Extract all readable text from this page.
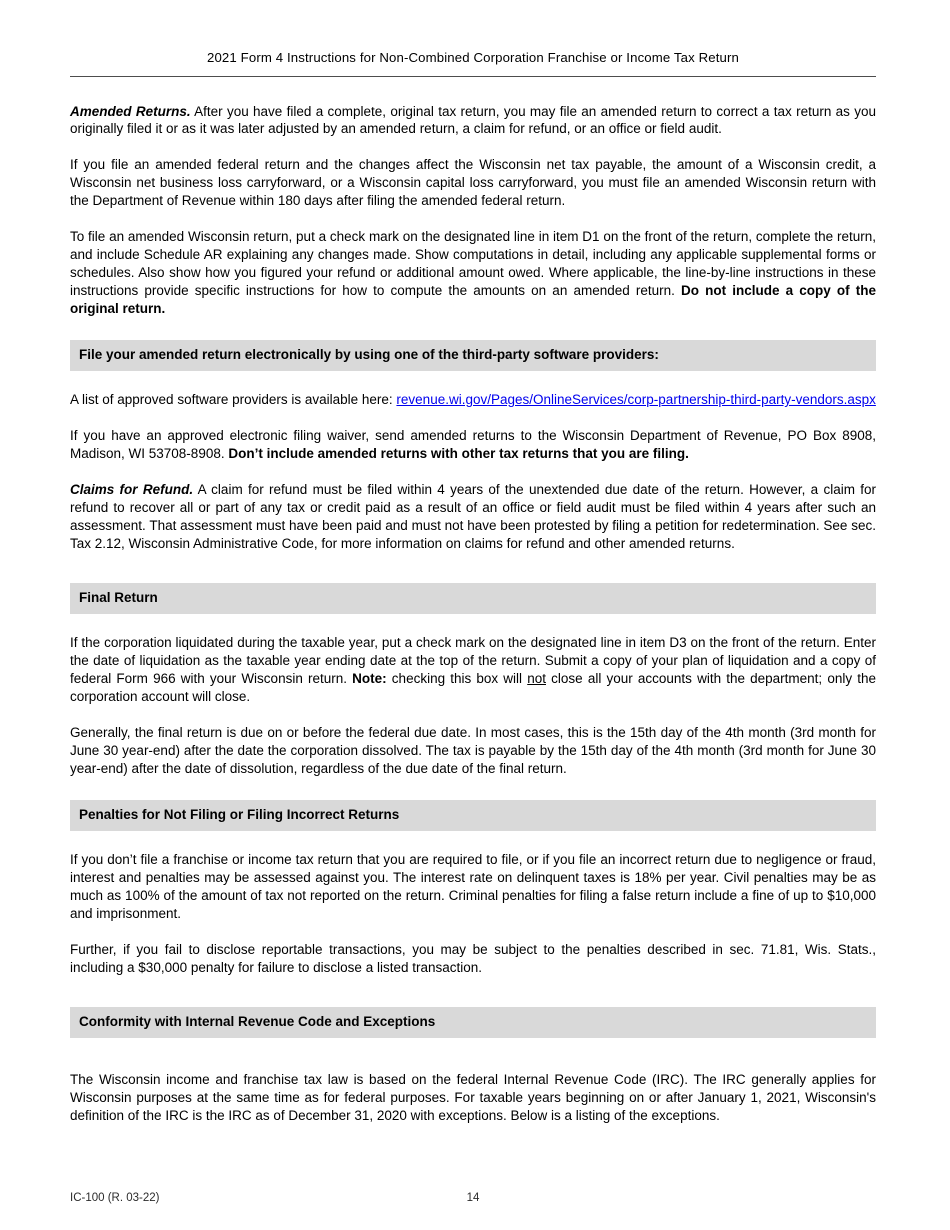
2021 Form 4 Instructions for Non-Combined Corporation Franchise or Income Tax Return

Amended Returns. After you have filed a complete, original tax return, you may file an amended return to correct a tax return as you originally filed it or as it was later adjusted by an amended return, a claim for refund, or an office or field audit.

If you file an amended federal return and the changes affect the Wisconsin net tax payable, the amount of a Wisconsin credit, a Wisconsin net business loss carryforward, or a Wisconsin capital loss carryforward, you must file an amended Wisconsin return with the Department of Revenue within 180 days after filing the amended federal return.

To file an amended Wisconsin return, put a check mark on the designated line in item D1 on the front of the return, complete the return, and include Schedule AR explaining any changes made. Show computations in detail, including any applicable supplemental forms or schedules. Also show how you figured your refund or additional amount owed. Where applicable, the line-by-line instructions in these instructions provide specific instructions for how to compute the amounts on an amended return. Do not include a copy of the original return.

File your amended return electronically by using one of the third-party software providers:

A list of approved software providers is available here: revenue.wi.gov/Pages/OnlineServices/corp-partnership-third-party-vendors.aspx

If you have an approved electronic filing waiver, send amended returns to the Wisconsin Department of Revenue, PO Box 8908, Madison, WI 53708-8908. Don’t include amended returns with other tax returns that you are filing.

Claims for Refund. A claim for refund must be filed within 4 years of the unextended due date of the return. However, a claim for refund to recover all or part of any tax or credit paid as a result of an office or field audit must be filed within 4 years after such an assessment. That assessment must have been paid and must not have been protested by filing a petition for redetermination. See sec. Tax 2.12, Wisconsin Administrative Code, for more information on claims for refund and other amended returns.

Final Return

If the corporation liquidated during the taxable year, put a check mark on the designated line in item D3 on the front of the return. Enter the date of liquidation as the taxable year ending date at the top of the return. Submit a copy of your plan of liquidation and a copy of federal Form 966 with your Wisconsin return. Note: checking this box will not close all your accounts with the department; only the corporation account will close.

Generally, the final return is due on or before the federal due date. In most cases, this is the 15th day of the 4th month (3rd month for June 30 year-end) after the date the corporation dissolved. The tax is payable by the 15th day of the 4th month (3rd month for June 30 year-end) after the date of dissolution, regardless of the due date of the final return.

Penalties for Not Filing or Filing Incorrect Returns

If you don’t file a franchise or income tax return that you are required to file, or if you file an incorrect return due to negligence or fraud, interest and penalties may be assessed against you. The interest rate on delinquent taxes is 18% per year. Civil penalties may be as much as 100% of the amount of tax not reported on the return. Criminal penalties for filing a false return include a fine of up to $10,000 and imprisonment.

Further, if you fail to disclose reportable transactions, you may be subject to the penalties described in sec. 71.81, Wis. Stats., including a $30,000 penalty for failure to disclose a listed transaction.

Conformity with Internal Revenue Code and Exceptions

The Wisconsin income and franchise tax law is based on the federal Internal Revenue Code (IRC). The IRC generally applies for Wisconsin purposes at the same time as for federal purposes. For taxable years beginning on or after January 1, 2021, Wisconsin's definition of the IRC is the IRC as of December 31, 2020 with exceptions. Below is a listing of the exceptions.

IC-100 (R. 03-22)	14
